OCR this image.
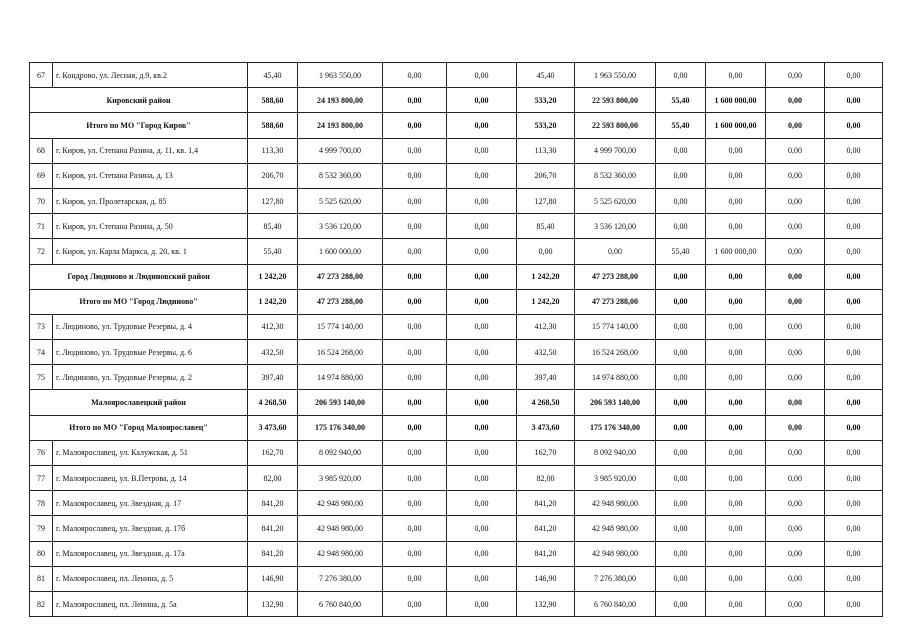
67	г. Кондрово, ул. Лесная, д.9, кв.2	45,40	1 963 550,00	0,00	0,00	45,40	1 963 550,00	0,00	0,00	0,00	0,00
Кировский район		588,60	24 193 800,00	0,00	0,00	533,20	22 593 800,00	55,40	1 600 000,00	0,00	0,00
Итого по МО "Город Киров"		588,60	24 193 800,00	0,00	0,00	533,20	22 593 800,00	55,40	1 600 000,00	0,00	0,00
68	г. Киров, ул. Степана Разина, д. 11, кв. 1,4	113,30	4 999 700,00	0,00	0,00	113,30	4 999 700,00	0,00	0,00	0,00	0,00
69	г. Киров, ул. Степана Разина, д. 13	206,70	8 532 360,00	0,00	0,00	206,70	8 532 360,00	0,00	0,00	0,00	0,00
70	г. Киров, ул. Пролетарская, д. 85	127,80	5 525 620,00	0,00	0,00	127,80	5 525 620,00	0,00	0,00	0,00	0,00
71	г. Киров, ул. Степана Разина, д. 50	85,40	3 536 120,00	0,00	0,00	85,40	3 536 120,00	0,00	0,00	0,00	0,00
72	г. Киров, ул. Карла Маркса, д. 20, кв. 1	55,40	1 600 000,00	0,00	0,00	0,00	0,00	55,40	1 600 000,00	0,00	0,00
Город Людиново и Людиновский район		1 242,20	47 273 288,00	0,00	0,00	1 242,20	47 273 288,00	0,00	0,00	0,00	0,00
Итого по МО "Город Людиново"		1 242,20	47 273 288,00	0,00	0,00	1 242,20	47 273 288,00	0,00	0,00	0,00	0,00
73	г. Людиново, ул. Трудовые Резервы, д. 4	412,30	15 774 140,00	0,00	0,00	412,30	15 774 140,00	0,00	0,00	0,00	0,00
74	г. Людиново, ул. Трудовые Резервы, д. 6	432,50	16 524 268,00	0,00	0,00	432,50	16 524 268,00	0,00	0,00	0,00	0,00
75	г. Людиново, ул. Трудовые Резервы, д. 2	397,40	14 974 880,00	0,00	0,00	397,40	14 974 880,00	0,00	0,00	0,00	0,00
Малоярославецкий район		4 268,50	206 593 140,00	0,00	0,00	4 268,50	206 593 140,00	0,00	0,00	0,00	0,00
Итого по МО "Город Малоярославец"		3 473,60	175 176 340,00	0,00	0,00	3 473,60	175 176 340,00	0,00	0,00	0,00	0,00
76	г. Малоярославец, ул. Калужская, д. 51	162,70	8 092 940,00	0,00	0,00	162,70	8 092 940,00	0,00	0,00	0,00	0,00
77	г. Малоярославец, ул. В.Петрова, д. 14	82,00	3 985 920,00	0,00	0,00	82,00	3 985 920,00	0,00	0,00	0,00	0,00
78	г. Малоярославец, ул. Звездная, д. 17	841,20	42 948 980,00	0,00	0,00	841,20	42 948 980,00	0,00	0,00	0,00	0,00
79	г. Малоярославец, ул. Звездная, д. 17б	841,20	42 948 980,00	0,00	0,00	841,20	42 948 980,00	0,00	0,00	0,00	0,00
80	г. Малоярославец, ул. Звездная, д. 17а	841,20	42 948 980,00	0,00	0,00	841,20	42 948 980,00	0,00	0,00	0,00	0,00
81	г. Малоярославец, пл. Ленина, д. 5	146,90	7 276 380,00	0,00	0,00	146,90	7 276 380,00	0,00	0,00	0,00	0,00
82	г. Малоярославец, пл. Ленина, д. 5а	132,90	6 760 840,00	0,00	0,00	132,90	6 760 840,00	0,00	0,00	0,00	0,00
